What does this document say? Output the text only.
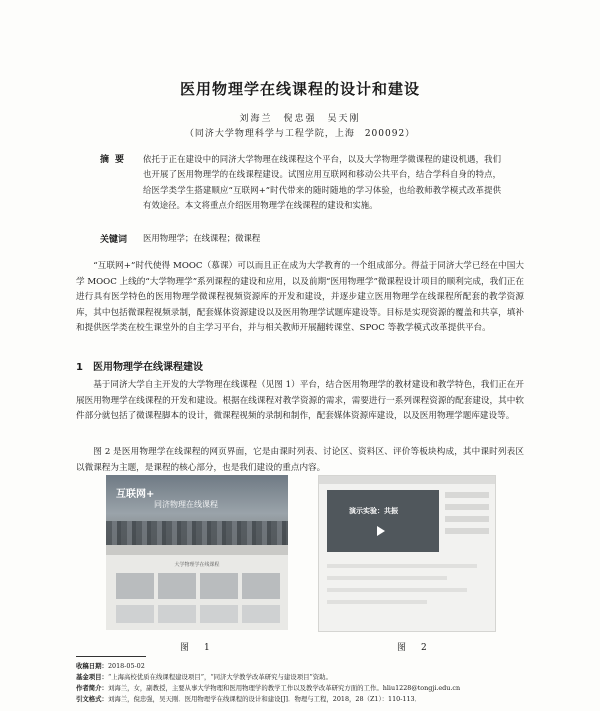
医用物理学在线课程的设计和建设
刘海兰　倪忠强　吴天刚
（同济大学物理科学与工程学院，上海　200092）
摘要 依托于正在建设中的同济大学物理在线课程这个平台，以及大学物理学微课程的建设机遇，我们也开展了医用物理学的在线课程建设。试图应用互联网和移动公共平台，结合学科自身的特点，给医学类学生搭建顺应“互联网+”时代带来的随时随地的学习体验，也给教师教学模式改革提供有效途径。本文将重点介绍医用物理学在线课程的建设和实施。
关键词 医用物理学；在线课程；微课程
“互联网+”时代使得 MOOC（慕课）可以而且正在成为大学教育的一个组成部分。得益于同济大学已经在中国大学 MOOC 上线的“大学物理学”系列课程的建设和应用，以及前期“医用物理学”微课程设计项目的顺利完成，我们正在进行具有医学特色的医用物理学微课程视频资源库的开发和建设，并逐步建立医用物理学在线课程所配套的教学资源库，其中包括微课程视频录制，配套媒体资源建设以及医用物理学试题库建设等。目标是实现资源的覆盖和共享，填补和提供医学类在校生课堂外的自主学习平台，并与相关教师开展翻转课堂、SPOC 等教学模式改革提供平台。
1　医用物理学在线课程建设
基于同济大学自主开发的大学物理在线课程（见图 1）平台，结合医用物理学的教材建设和教学特色，我们正在开展医用物理学在线课程的开发和建设。根据在线课程对教学资源的需求，需要进行一系列课程资源的配套建设，其中软件部分就包括了微课程脚本的设计，微课程视频的录制和制作，配套媒体资源库建设，以及医用物理学题库建设等。
图 2 是医用物理学在线课程的网页界面，它是由课时列表、讨论区、资料区、评价等板块构成，其中课时列表区以微课程为主题，是课程的核心部分，也是我们建设的重点内容。
互联网+
同济物理在线课程
大学物理学在线课程
图　1
演示实验：共振
图　2
收稿日期：2018-05-02
基金项目：“上海高校优质在线课程建设项目”，“同济大学教学改革研究与建设项目”资助。
作者简介：刘海兰，女，副教授，主要从事大学物理和医用物理学的教学工作以及教学改革研究方面的工作。hliu1228@tongji.edu.cn
引文格式：刘海兰，倪忠强，吴天刚．医用物理学在线课程的设计和建设[J]．物理与工程，2018，28（Z1）：110-113．
